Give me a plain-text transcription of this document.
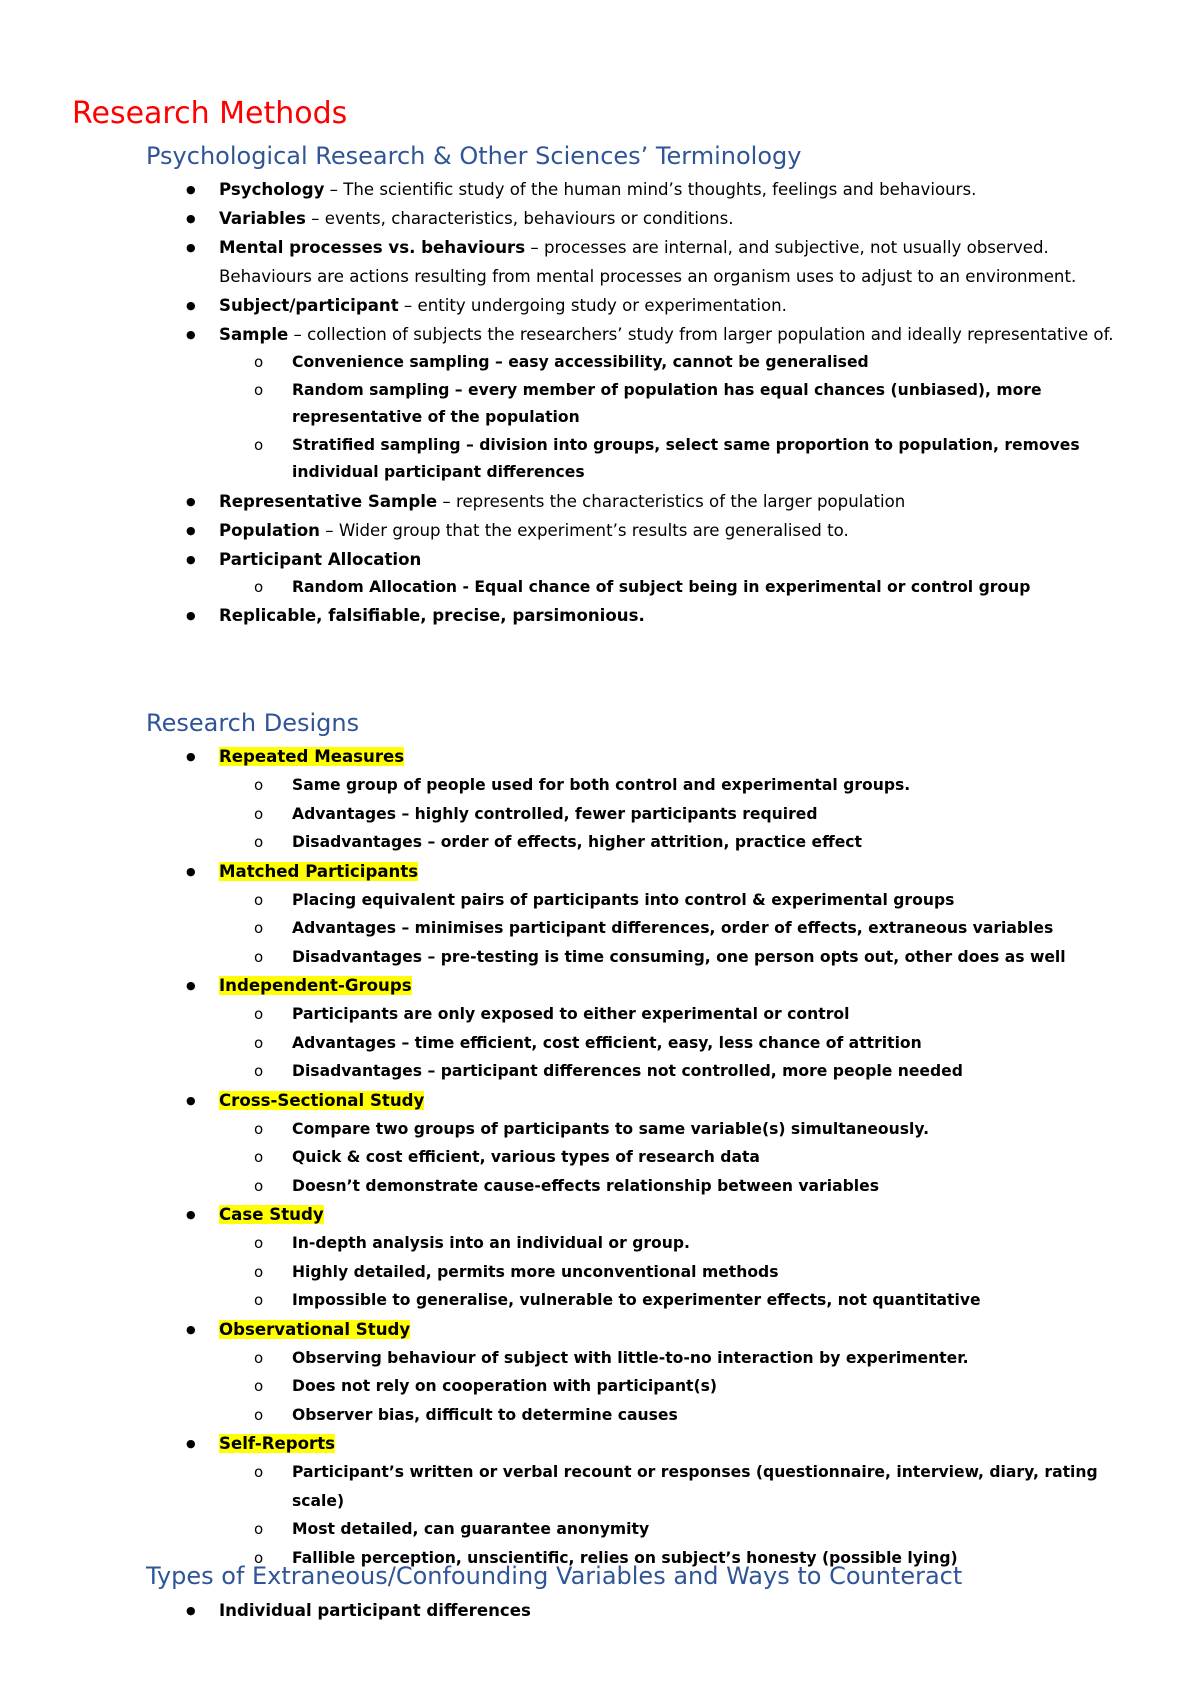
Research Methods
Psychological Research & Other Sciences’ Terminology
● Psychology – The scientific study of the human mind’s thoughts, feelings and behaviours.
● Variables – events, characteristics, behaviours or conditions.
● Mental processes vs. behaviours – processes are internal, and subjective, not usually observed. Behaviours are actions resulting from mental processes an organism uses to adjust to an environment.
● Subject/participant – entity undergoing study or experimentation.
● Sample – collection of subjects the researchers’ study from larger population and ideally representative of.
o Convenience sampling – easy accessibility, cannot be generalised
o Random sampling – every member of population has equal chances (unbiased), more representative of the population
o Stratified sampling – division into groups, select same proportion to population, removes individual participant differences
● Representative Sample – represents the characteristics of the larger population
● Population – Wider group that the experiment’s results are generalised to.
● Participant Allocation
o Random Allocation - Equal chance of subject being in experimental or control group
● Replicable, falsifiable, precise, parsimonious.
Research Designs
● Repeated Measures
o Same group of people used for both control and experimental groups.
o Advantages – highly controlled, fewer participants required
o Disadvantages – order of effects, higher attrition, practice effect
● Matched Participants
o Placing equivalent pairs of participants into control & experimental groups
o Advantages – minimises participant differences, order of effects, extraneous variables
o Disadvantages – pre-testing is time consuming, one person opts out, other does as well
● Independent-Groups
o Participants are only exposed to either experimental or control
o Advantages – time efficient, cost efficient, easy, less chance of attrition
o Disadvantages – participant differences not controlled, more people needed
● Cross-Sectional Study
o Compare two groups of participants to same variable(s) simultaneously.
o Quick & cost efficient, various types of research data
o Doesn’t demonstrate cause-effects relationship between variables
● Case Study
o In-depth analysis into an individual or group.
o Highly detailed, permits more unconventional methods
o Impossible to generalise, vulnerable to experimenter effects, not quantitative
● Observational Study
o Observing behaviour of subject with little-to-no interaction by experimenter.
o Does not rely on cooperation with participant(s)
o Observer bias, difficult to determine causes
● Self-Reports
o Participant’s written or verbal recount or responses (questionnaire, interview, diary, rating scale)
o Most detailed, can guarantee anonymity
o Fallible perception, unscientific, relies on subject’s honesty (possible lying)
Types of Extraneous/Confounding Variables and Ways to Counteract
● Individual participant differences
